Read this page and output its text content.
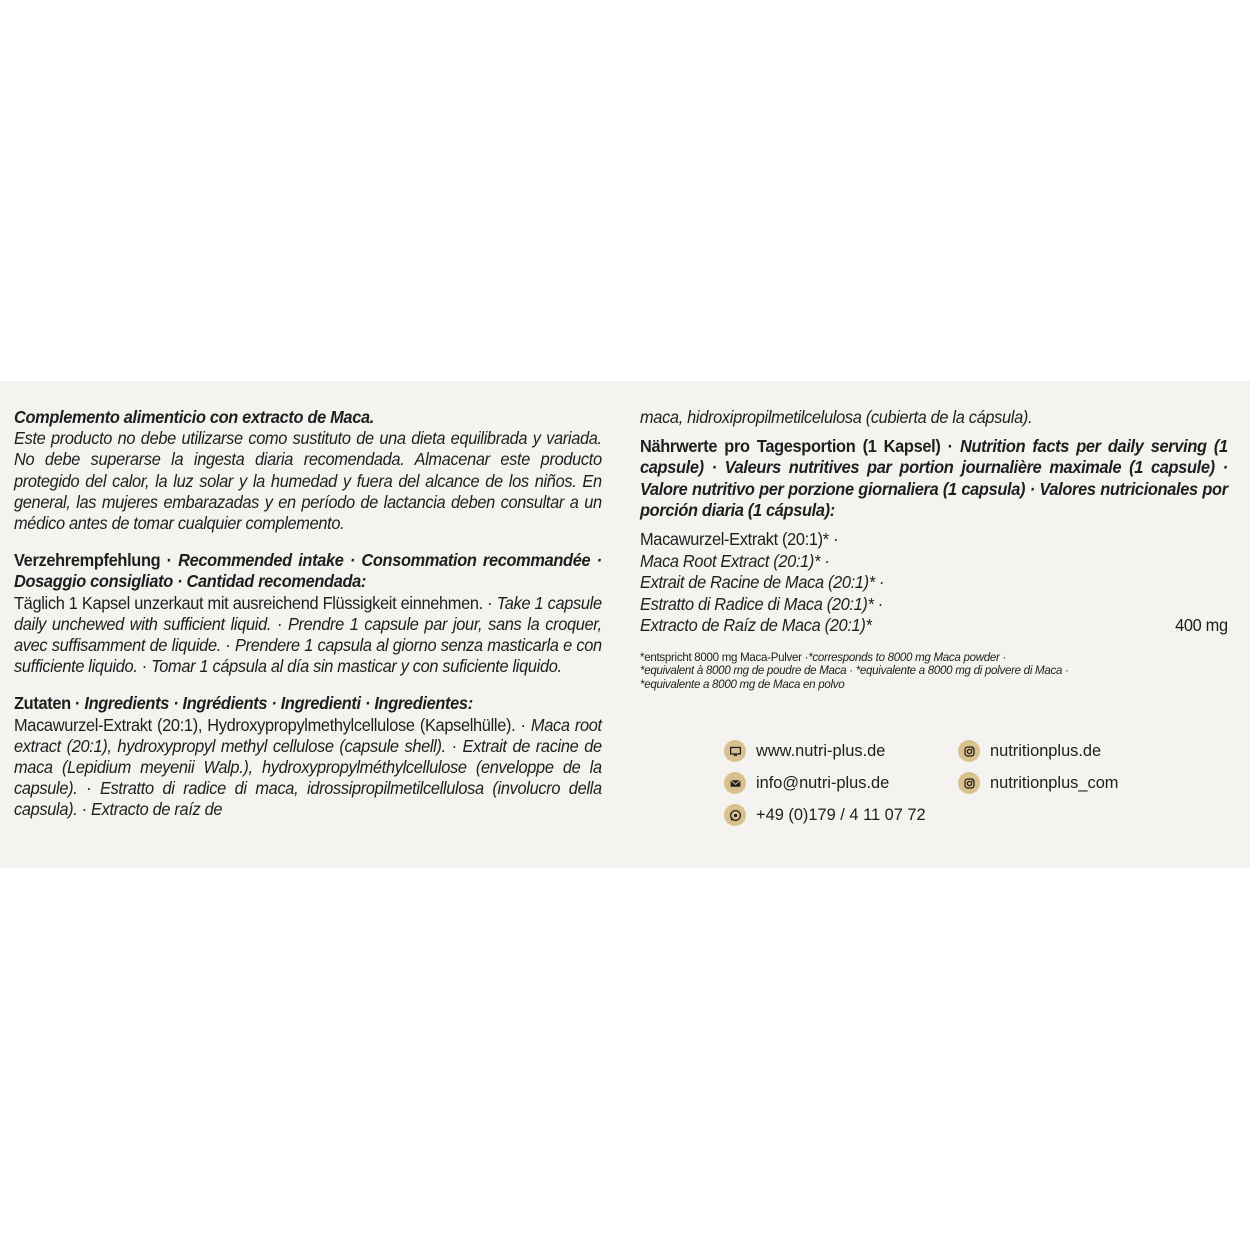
Complemento alimenticio con extracto de Maca.

Este producto no debe utilizarse como sustituto de una dieta equilibrada y variada. No debe superarse la ingesta diaria recomendada. Almacenar este producto protegido del calor, la luz solar y la humedad y fuera del alcance de los niños. En general, las mujeres embarazadas y en período de lactancia deben consultar a un médico antes de tomar cualquier complemento.

Verzehrempfehlung · Recommended intake · Consommation recommandée · Dosaggio consigliato · Cantidad recomendada:

Täglich 1 Kapsel unzerkaut mit ausreichend Flüssigkeit einnehmen. · Take 1 capsule daily unchewed with sufficient liquid. · Prendre 1 capsule par jour, sans la croquer, avec suffisamment de liquide. · Prendere 1 capsula al giorno senza masticarla e con sufficiente liquido. · Tomar 1 cápsula al día sin masticar y con suficiente liquido.

Zutaten · Ingredients · Ingrédients · Ingredienti · Ingredientes:

Macawurzel-Extrakt (20:1), Hydroxypropylmethylcellulose (Kapselhülle). · Maca root extract (20:1), hydroxypropyl methyl cellulose (capsule shell). · Extrait de racine de maca (Lepidium meyenii Walp.), hydroxypropylméthylcellulose (enveloppe de la capsule). · Estratto di radice di maca, idrossipropilmetilcellulosa (involucro della capsula). · Extracto de raíz de

maca, hidroxipropilmetilcelulosa (cubierta de la cápsula).

Nährwerte pro Tagesportion (1 Kapsel) · Nutrition facts per daily serving (1 capsule) · Valeurs nutritives par portion journalière maximale (1 capsule) · Valore nutritivo per porzione giornaliera (1 capsula) · Valores nutricionales por porción diaria (1 cápsula):

Macawurzel-Extrakt (20:1)* ·
Maca Root Extract (20:1)* ·
Extrait de Racine de Maca (20:1)* ·
Estratto di Radice di Maca (20:1)* ·
Extracto de Raíz de Maca (20:1)*	400 mg
*entspricht 8000 mg Maca-Pulver ·*corresponds to 8000 mg Maca powder ·
*equivalent à 8000 mg de poudre de Maca · *equivalente a 8000 mg di polvere di Maca ·
*equivalente a 8000 mg de Maca en polvo
www.nutri-plus.de
info@nutri-plus.de
+49 (0)179 / 4 11 07 72
nutritionplus.de
nutritionplus_com
